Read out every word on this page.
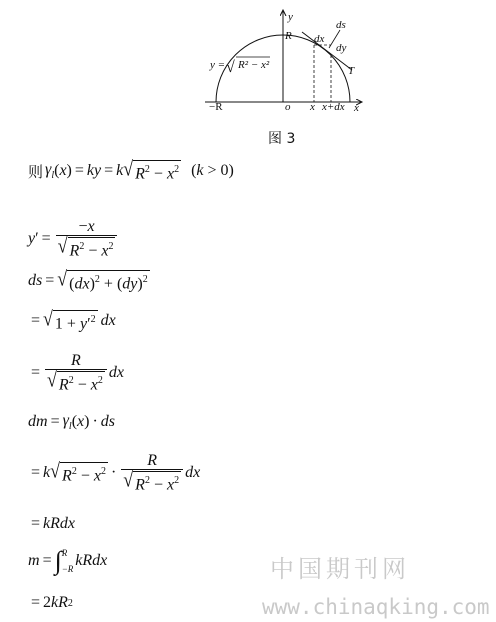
y
x
R
−R	o x x+dx
ds
dx
dy
T
y = √ R² − x²
图 3
则 $\gamma_l$ ( x ) = ky = k √ $R^2 - x^2$ (k > 0)
y ′ = $\frac{-x}{√ R^2 - x^2}$
ds = √ (dx)$^2$ + (dy)$^2$
= √ $1 + y'^2$ dx
= $\frac{R}{√ R^2 - x^2}$ dx
dm = $\gamma_l$ ( x ) · ds
= k √ $R^2 - x^2 \cdot \frac{R}{√ R^2 - x^2}$ dx
= kRdx
m = ∫ R
−R kRdx
= 2 kR 2
中国期刊网
www.chinaqking.com
